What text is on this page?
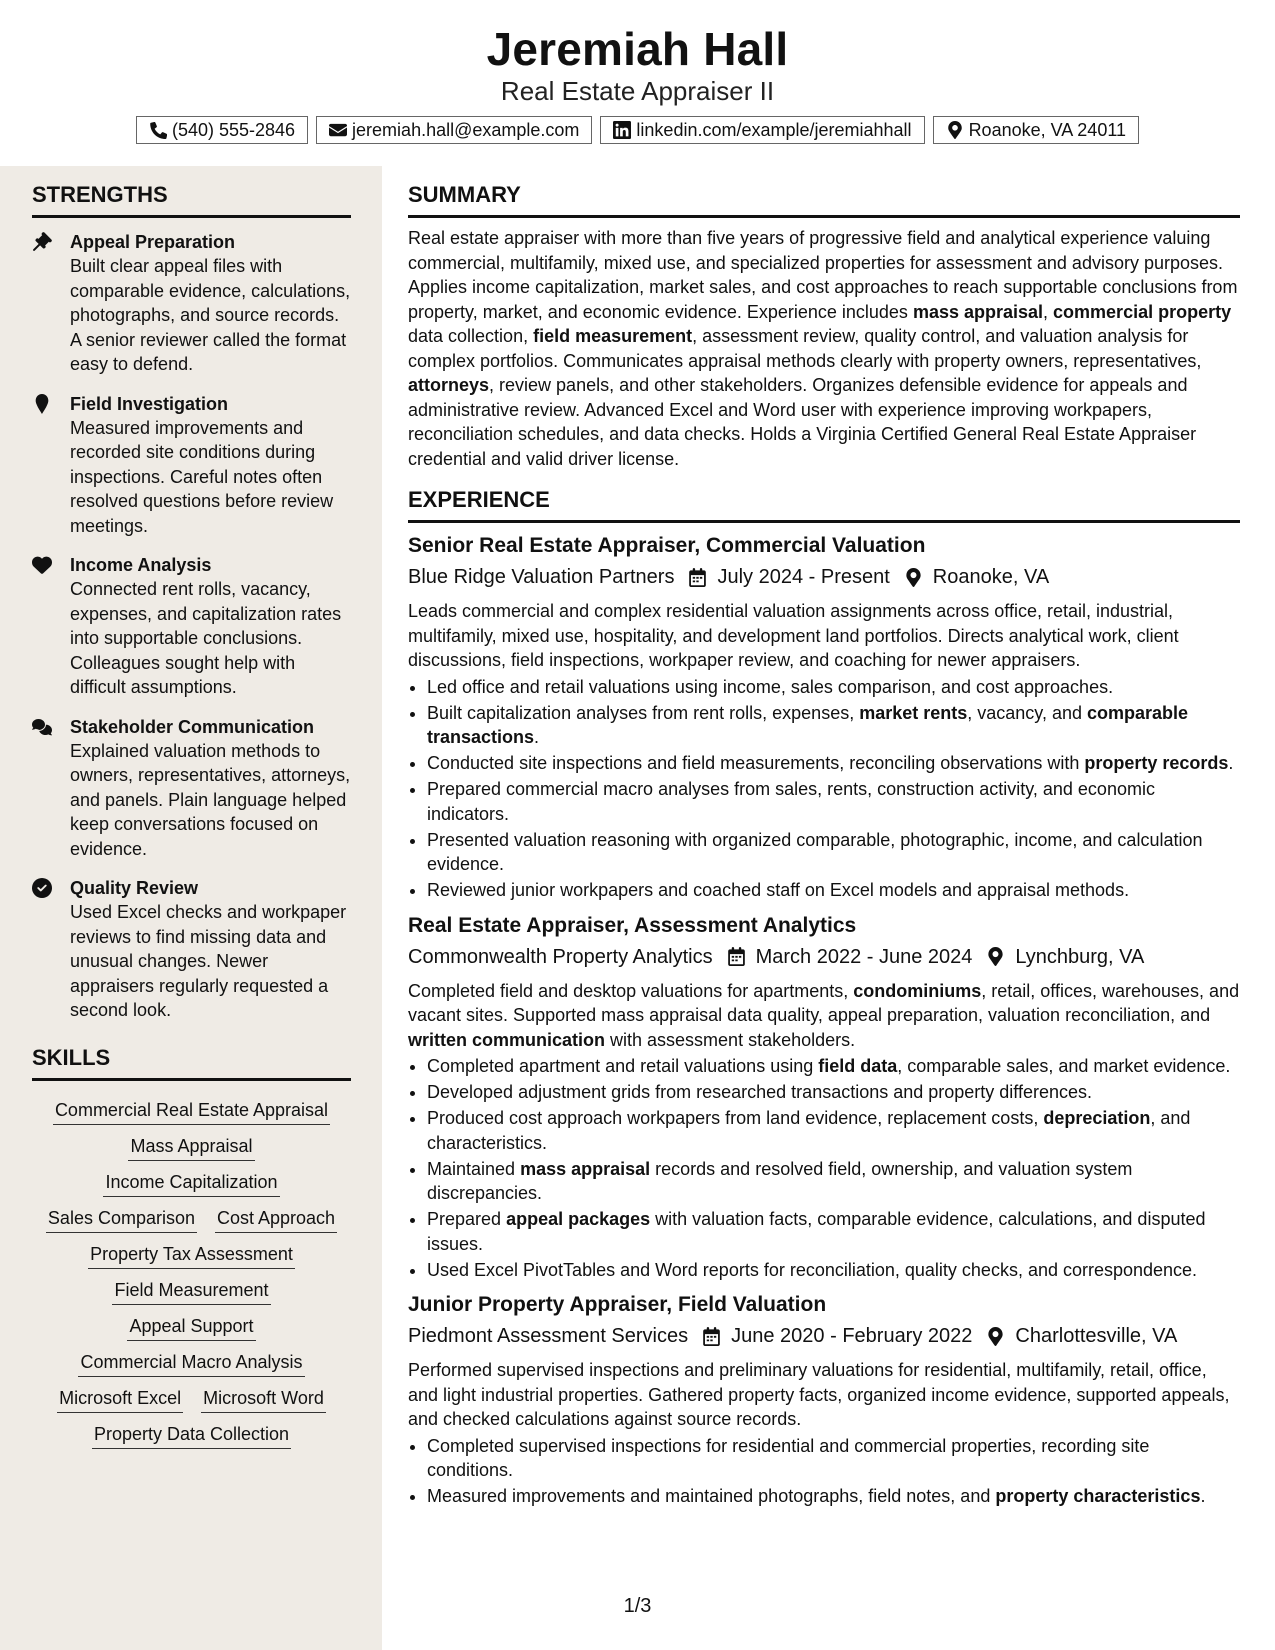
Jeremiah Hall
Real Estate Appraiser II
(540) 555-2846	jeremiah.hall@example.com	linkedin.com/example/jeremiahhall	Roanoke, VA 24011
STRENGTHS
Appeal Preparation
Built clear appeal files with comparable evidence, calculations, photographs, and source records. A senior reviewer called the format easy to defend.
Field Investigation
Measured improvements and recorded site conditions during inspections. Careful notes often resolved questions before review meetings.
Income Analysis
Connected rent rolls, vacancy, expenses, and capitalization rates into supportable conclusions. Colleagues sought help with difficult assumptions.
Stakeholder Communication
Explained valuation methods to owners, representatives, attorneys, and panels. Plain language helped keep conversations focused on evidence.
Quality Review
Used Excel checks and workpaper reviews to find missing data and unusual changes. Newer appraisers regularly requested a second look.
SKILLS
Commercial Real Estate Appraisal
Mass Appraisal
Income Capitalization
Sales Comparison Cost Approach
Property Tax Assessment
Field Measurement
Appeal Support
Commercial Macro Analysis
Microsoft Excel Microsoft Word
Property Data Collection
SUMMARY
Real estate appraiser with more than five years of progressive field and analytical experience valuing commercial, multifamily, mixed use, and specialized properties for assessment and advisory purposes. Applies income capitalization, market sales, and cost approaches to reach supportable conclusions from property, market, and economic evidence. Experience includes mass appraisal, commercial property data collection, field measurement, assessment review, quality control, and valuation analysis for complex portfolios. Communicates appraisal methods clearly with property owners, representatives, attorneys, review panels, and other stakeholders. Organizes defensible evidence for appeals and administrative review. Advanced Excel and Word user with experience improving workpapers, reconciliation schedules, and data checks. Holds a Virginia Certified General Real Estate Appraiser credential and valid driver license.
EXPERIENCE
Senior Real Estate Appraiser, Commercial Valuation
Blue Ridge Valuation Partners July 2024 - Present Roanoke, VA
Leads commercial and complex residential valuation assignments across office, retail, industrial, multifamily, mixed use, hospitality, and development land portfolios. Directs analytical work, client discussions, field inspections, workpaper review, and coaching for newer appraisers.
• Led office and retail valuations using income, sales comparison, and cost approaches.
• Built capitalization analyses from rent rolls, expenses, market rents, vacancy, and comparable transactions.
• Conducted site inspections and field measurements, reconciling observations with property records.
• Prepared commercial macro analyses from sales, rents, construction activity, and economic indicators.
• Presented valuation reasoning with organized comparable, photographic, income, and calculation evidence.
• Reviewed junior workpapers and coached staff on Excel models and appraisal methods.
Real Estate Appraiser, Assessment Analytics
Commonwealth Property Analytics March 2022 - June 2024 Lynchburg, VA
Completed field and desktop valuations for apartments, condominiums, retail, offices, warehouses, and vacant sites. Supported mass appraisal data quality, appeal preparation, valuation reconciliation, and written communication with assessment stakeholders.
• Completed apartment and retail valuations using field data, comparable sales, and market evidence.
• Developed adjustment grids from researched transactions and property differences.
• Produced cost approach workpapers from land evidence, replacement costs, depreciation, and characteristics.
• Maintained mass appraisal records and resolved field, ownership, and valuation system discrepancies.
• Prepared appeal packages with valuation facts, comparable evidence, calculations, and disputed issues.
• Used Excel PivotTables and Word reports for reconciliation, quality checks, and correspondence.
Junior Property Appraiser, Field Valuation
Piedmont Assessment Services June 2020 - February 2022 Charlottesville, VA
Performed supervised inspections and preliminary valuations for residential, multifamily, retail, office, and light industrial properties. Gathered property facts, organized income evidence, supported appeals, and checked calculations against source records.
• Completed supervised inspections for residential and commercial properties, recording site conditions.
• Measured improvements and maintained photographs, field notes, and property characteristics.
1/3
